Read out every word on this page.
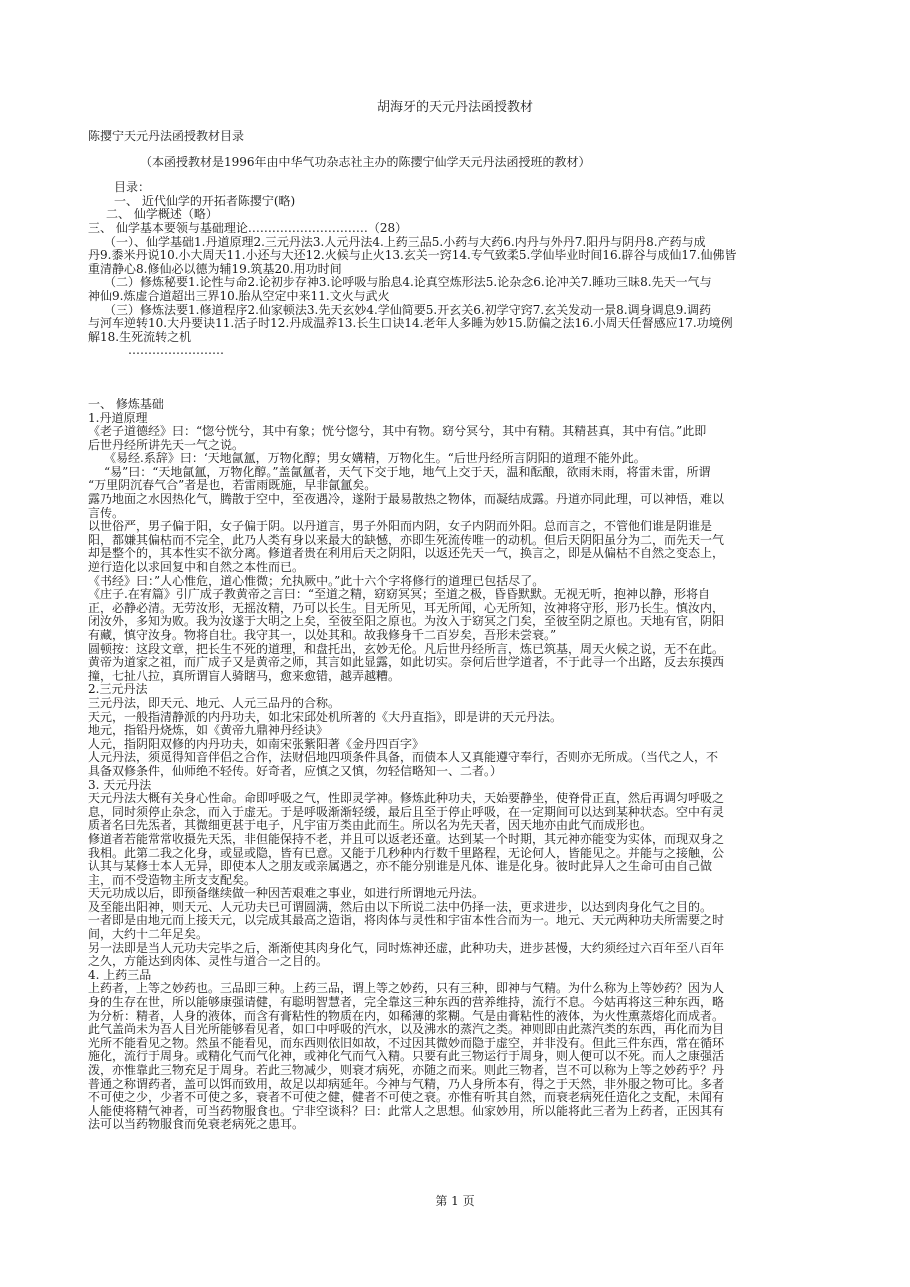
胡海牙的天元丹法函授教材
陈撄宁天元丹法函授教材目录
（本函授教材是1996年由中华气功杂志社主办的陈撄宁仙学天元丹法函授班的教材）
目录：
一、 近代仙学的开拓者陈撄宁(略)
二、 仙学概述（略）
三、 仙学基本要领与基础理论…………………………（28）
（一）、仙学基础1.丹道原理2.三元丹法3.人元丹法4.上药三品5.小药与大药6.内丹与外丹7.阳丹与阴丹8.产药与成
丹9.黍米丹说10.小大周天11.小还与大还12.火候与止火13.玄关一窍14.专气致柔5.学仙毕业时间16.辟谷与成仙17.仙佛皆
重清静心8.修仙必以德为辅19.筑基20.用功时间
（二）修炼秘要1.论性与命2.论初步存神3.论呼吸与胎息4.论真空炼形法5.论杂念6.论冲关7.睡功三昧8.先天一气与
神仙9.炼虚合道超出三界10.胎从空定中来11.文火与武火
（三）修炼法要1.修道程序2.仙家顿法3.先天玄妙4.学仙简要5.开玄关6.初学守窍7.玄关发动一景8.调身调息9.调药
与河车逆转10.大丹要诀11.活子时12.丹成温养13.长生口诀14.老年人多睡为妙15.防偏之法16.小周天任督感应17.功境例
解18.生死流转之机
……………………
一、 修炼基础
1.丹道原理
《老子道德经》曰：“惚兮恍兮，其中有象；恍兮惚兮，其中有物。窈兮冥兮，其中有精。其精甚真，其中有信。”此即
后世丹经所讲先天一气之说。
《易经.系辞》曰：‘天地氤氲，万物化醇；男女媾精，万物化生。“后世丹经所言阴阳的道理不能外此。
“易”曰：“天地氤氲，万物化醇。”盖氤氲者，天气下交于地，地气上交于天，温和酝酿，欲雨未雨，将雷未雷，所谓
“万里阴沉春气合”者是也，若雷雨既施，早非氤氲矣。
露乃地面之水因热化气，腾散于空中，至夜遇冷，遂附于最易散热之物体，而凝结成露。丹道亦同此理，可以神悟，难以
言传。
以世俗严，男子偏于阳，女子偏于阴。以丹道言，男子外阳而内阴，女子内阴而外阳。总而言之，不管他们谁是阴谁是
阳，都嫌其偏枯而不完全，此乃人类有身以来最大的缺憾，亦即生死流传唯一的动机。但后天阴阳虽分为二，而先天一气
却是整个的，其本性实不欲分离。修道者贵在利用后天之阴阳，以返还先天一气，换言之，即是从偏枯不自然之变态上，
逆行造化以求回复中和自然之本性而已。
《书经》曰：”人心惟危，道心惟微；允执厥中。”此十六个字将修行的道理已包括尽了。
《庄子.在宥篇》引广成子教黄帝之言曰：“至道之精，窈窈冥冥；至道之极，昏昏默默。无视无听，抱神以静，形将自
正，必静必清。无劳汝形，无摇汝精，乃可以长生。目无所见，耳无所闻，心无所知，汝神将守形，形乃长生。慎汝内，
闭汝外，多知为败。我为汝遂于大明之上矣，至彼至阳之原也。为汝入于窈冥之门矣，至彼至阴之原也。天地有官，阴阳
有藏，慎守汝身。物将自壮。我守其一，以处其和。故我修身千二百岁矣，吾形未尝衰。”
圆顿按：这段文章，把长生不死的道理，和盘托出，玄妙无伦。凡后世丹经所言，炼已筑基，周天火候之说，无不在此。
黄帝为道家之祖，而广成子又是黄帝之师，其言如此显露，如此切实。奈何后世学道者，不于此寻一个出路，反去东摸西
撞，七扯八拉，真所谓盲人骑瞎马，愈来愈错，越弄越糟。
2.三元丹法
三元丹法，即天元、地元、人元三品丹的合称。
天元，一般指清静派的内丹功夫，如北宋邱处机所著的《大丹直指》，即是讲的天元丹法。
地元，指铅丹烧炼，如《黄帝九鼎神丹经诀》
人元，指阴阳双修的内丹功夫，如南宋张紫阳著《金丹四百字》
人元丹法，须觅得知音伴侣之合作，法财侣地四项条件具备，而债本人又真能遵守奉行，否则亦无所成。（当代之人，不
具备双修条件，仙师绝不轻传。好奇者，应慎之又慎，勿轻信略知一、二者。）
3. 天元丹法
天元丹法大概有关身心性命。命即呼吸之气，性即灵学神。修炼此种功夫，天始要静坐，使脊骨正直，然后再调匀呼吸之
息，同时须停止杂念，而入于虚无。于是呼吸渐渐轻缓，最后且至于停止呼吸，在一定期间可以达到某种状态。空中有灵
质者名曰先炁者，其微细更甚于电子，凡宇宙万类由此而生。所以名为先天者，因天地亦由此气而成形也。
修道者若能常常收摄先天炁，非但能保持不老，并且可以返老还童。达到某一个时期，其元神亦能变为实体，而现双身之
我相。此第二我之化身，或显或隐，皆有已意。又能于几秒种内行数千里路程，无论何人，皆能见之。并能与之接触，公
认其与某修士本人无异，即使本人之朋友或亲属遇之，亦不能分别谁是凡体、谁是化身。彼时此异人之生命可由自己做
主，而不受造物主所支支配矣。
天元功成以后，即预备继续做一种因苦艰难之事业，如进行所谓地元丹法。
及至能出阳神，则天元、人元功夫已可谓圆满，然后由以下所说二法中仍择一法，更求进步，以达到肉身化气之目的。
一者即是由地元而上接天元，以完成其最高之造诣，将肉体与灵性和宇宙本性合而为一。地元、天元两种功夫所需要之时
间，大约十二年足矣。
另一法即是当人元功夫完毕之后，渐渐使其肉身化气，同时炼神还虚，此种功夫，进步甚慢，大约须经过六百年至八百年
之久，方能达到肉体、灵性与道合一之目的。
4. 上药三品
上药者，上等之妙药也。三品即三种。上药三品，谓上等之妙药，只有三种，即神与气精。为什么称为上等妙药？因为人
身的生存在世，所以能够康强请健，有聪明智慧者，完全靠这三种东西的营养维持，流行不息。今姑再将这三种东西，略
为分析：精者，人身的液体，而含有膏粘性的物质在内，如稀薄的浆糊。气是由膏粘性的液体，为火性熏蒸熔化而成者。
此气盖尚未为吾人目光所能够看见者，如口中呼吸的汽水，以及沸水的蒸汽之类。神则即由此蒸汽类的东西，再化而为目
光所不能看见之物。然虽不能看见，而东西则依旧如故，不过因其微妙而隐于虚空，并非没有。但此三件东西，常在循环
施化，流行于周身。或精化气而气化神，或神化气而气入精。只要有此三物运行于周身，则人便可以不死。而人之康强活
泼，亦惟靠此三物充足于周身。若此三物减少，则衰才病死，亦随之而来。则此三物者，岂不可以称为上等之妙药乎？丹
普通之称谓药者，盖可以饵而致用，故足以却病延年。今神与气精，乃人身所本有，得之于天然，非外服之物可比。多者
不可使之少，少者不可使之多，衰者不可使之健，健者不可使之衰。亦惟有听其自然，而衰老病死任造化之支配，未闻有
人能使将精气神者，可当药物服食也。宁非空谈科？曰：此常人之思想。仙家妙用，所以能将此三者为上药者，正因其有
法可以当药物服食而免衰老病死之患耳。
第 1 页
